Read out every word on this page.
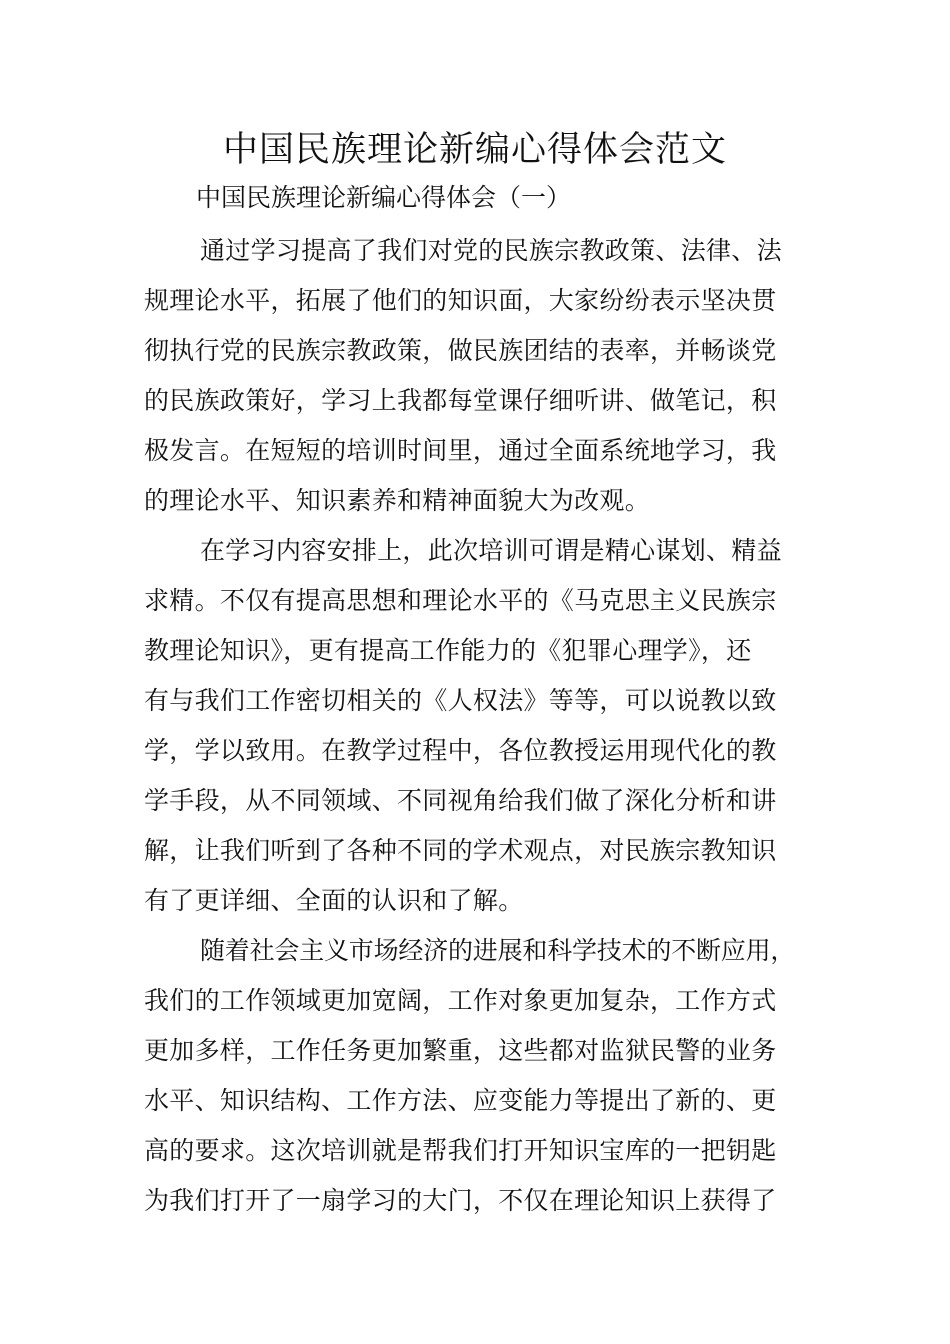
中国民族理论新编心得体会范文

中国民族理论新编心得体会（一）

通过学习提高了我们对党的民族宗教政策、法律、法
规理论水平，拓展了他们的知识面，大家纷纷表示坚决贯
彻执行党的民族宗教政策，做民族团结的表率，并畅谈党
的民族政策好，学习上我都每堂课仔细听讲、做笔记，积
极发言。在短短的培训时间里，通过全面系统地学习，我
的理论水平、知识素养和精神面貌大为改观。
在学习内容安排上，此次培训可谓是精心谋划、精益
求精。不仅有提高思想和理论水平的《马克思主义民族宗
教理论知识》，更有提高工作能力的《犯罪心理学》，还
有与我们工作密切相关的《人权法》等等，可以说教以致
学，学以致用。在教学过程中，各位教授运用现代化的教
学手段，从不同领域、不同视角给我们做了深化分析和讲
解，让我们听到了各种不同的学术观点，对民族宗教知识
有了更详细、全面的认识和了解。
随着社会主义市场经济的进展和科学技术的不断应用，
我们的工作领域更加宽阔，工作对象更加复杂，工作方式
更加多样，工作任务更加繁重，这些都对监狱民警的业务
水平、知识结构、工作方法、应变能力等提出了新的、更
高的要求。这次培训就是帮我们打开知识宝库的一把钥匙
为我们打开了一扇学习的大门，不仅在理论知识上获得了
